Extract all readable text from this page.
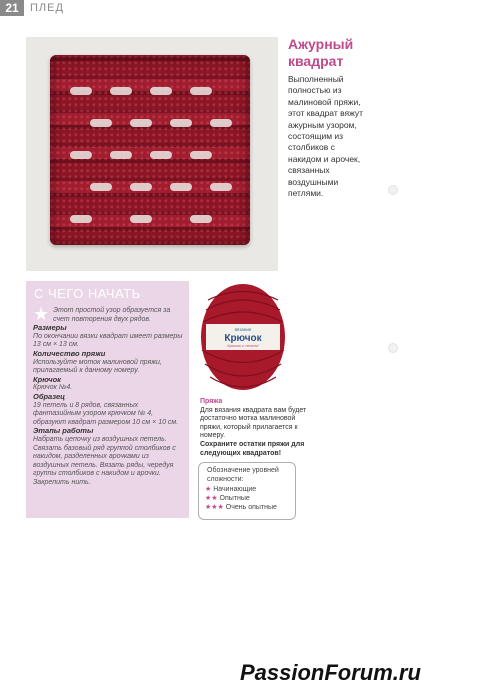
21	ПЛЕД
Ажурный
квадрат
Выполненный полностью из малиновой пряжи, этот квадрат вяжут ажурным узором, состоящим из столбиков с накидом и арочек, связанных воздушными петлями.
С ЧЕГО НАЧАТЬ
★ Этот простой узор образуется за счет повторения двух рядов.
Размеры
По окончании вязки квадрат имеет размеры 13 см × 13 см.
Количество пряжи
Используйте моток малиновой пряжи, прилагаемый к данному номеру.
Крючок
Крючок №4.
Образец
19 петель и 8 рядов, связанных фантазийным узором крючком № 4, образуют квадрат размером 10 см × 10 см.
Этапы работы
Набрать цепочку из воздушных петель. Связать базовый ряд группой столбиков с накидом, разделенных арочками из воздушных петель. Вязать ряды, чередуя группы столбиков с накидом и арочки. Закрепить нить.
вязание
Крючок
Крючок и петля!
Пряжа
Для вязания квадрата вам будет достаточно мотка малиновой пряжи, который прилагается к номеру.
Сохраните остатки пряжи для следующих квадратов!
Обозначение уровней сложности:
★ Начинающие
★★ Опытные
★★★ Очень опытные
PassionForum.ru
